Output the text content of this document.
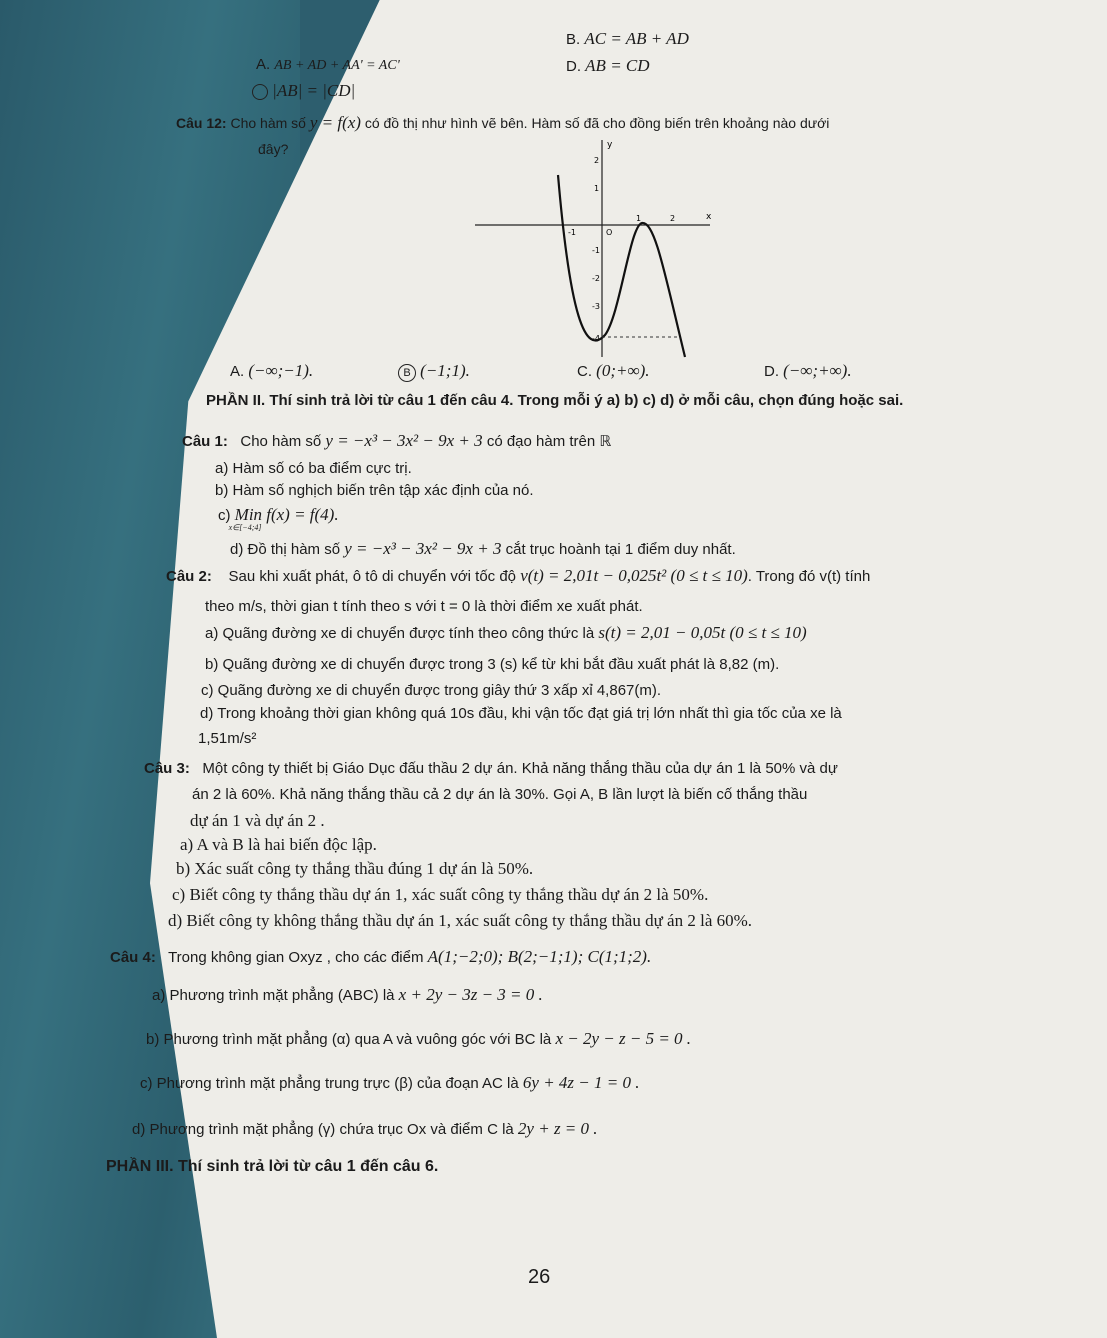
B. AC = AB + AD
A. AB + AD + AA' = AC'	D. AB = CD
|AB| = |CD|
Câu 12: Cho hàm số y = f(x) có đồ thị như hình vẽ bên. Hàm số đã cho đồng biến trên khoảng nào dưới
đây?
x
y
O
-1
1	2
2
1
-1
-2
-3
-4
A. (−∞;−1).	B (−1;1).	C. (0;+∞).	D. (−∞;+∞).
PHẦN II. Thí sinh trả lời từ câu 1 đến câu 4. Trong mỗi ý a) b) c) d) ở mỗi câu, chọn đúng hoặc sai.
Câu 1: Cho hàm số y = −x³ − 3x² − 9x + 3 có đạo hàm trên ℝ
a) Hàm số có ba điểm cực trị.
b) Hàm số nghịch biến trên tập xác định của nó.
c) Min
x∈[−4;4]
f(x) = f(4).
d) Đồ thị hàm số y = −x³ − 3x² − 9x + 3 cắt trục hoành tại 1 điểm duy nhất.
Câu 2: Sau khi xuất phát, ô tô di chuyển với tốc độ v(t) = 2,01t − 0,025t² (0 ≤ t ≤ 10). Trong đó v(t) tính
theo m/s, thời gian t tính theo s với t = 0 là thời điểm xe xuất phát.
a) Quãng đường xe di chuyển được tính theo công thức là s(t) = 2,01 − 0,05t (0 ≤ t ≤ 10)
b) Quãng đường xe di chuyển được trong 3 (s) kể từ khi bắt đầu xuất phát là 8,82 (m).
c) Quãng đường xe di chuyển được trong giây thứ 3 xấp xỉ 4,867(m).
d) Trong khoảng thời gian không quá 10s đầu, khi vận tốc đạt giá trị lớn nhất thì gia tốc của xe là
1,51m/s²
Câu 3: Một công ty thiết bị Giáo Dục đấu thầu 2 dự án. Khả năng thắng thầu của dự án 1 là 50% và dự
án 2 là 60%. Khả năng thắng thầu cả 2 dự án là 30%. Gọi A, B lần lượt là biến cố thắng thầu
dự án 1 và dự án 2 .
a) A và B là hai biến độc lập.
b) Xác suất công ty thắng thầu đúng 1 dự án là 50%.
c) Biết công ty thắng thầu dự án 1, xác suất công ty thắng thầu dự án 2 là 50%.
d) Biết công ty không thắng thầu dự án 1, xác suất công ty thắng thầu dự án 2 là 60%.
Câu 4: Trong không gian Oxyz , cho các điểm A(1;−2;0); B(2;−1;1); C(1;1;2).
a) Phương trình mặt phẳng (ABC) là x + 2y − 3z − 3 = 0 .
b) Phương trình mặt phẳng (α) qua A và vuông góc với BC là x − 2y − z − 5 = 0 .
c) Phương trình mặt phẳng trung trực (β) của đoạn AC là 6y + 4z − 1 = 0 .
d) Phương trình mặt phẳng (γ) chứa trục Ox và điểm C là 2y + z = 0 .
PHẦN III. Thí sinh trả lời từ câu 1 đến câu 6.
26
